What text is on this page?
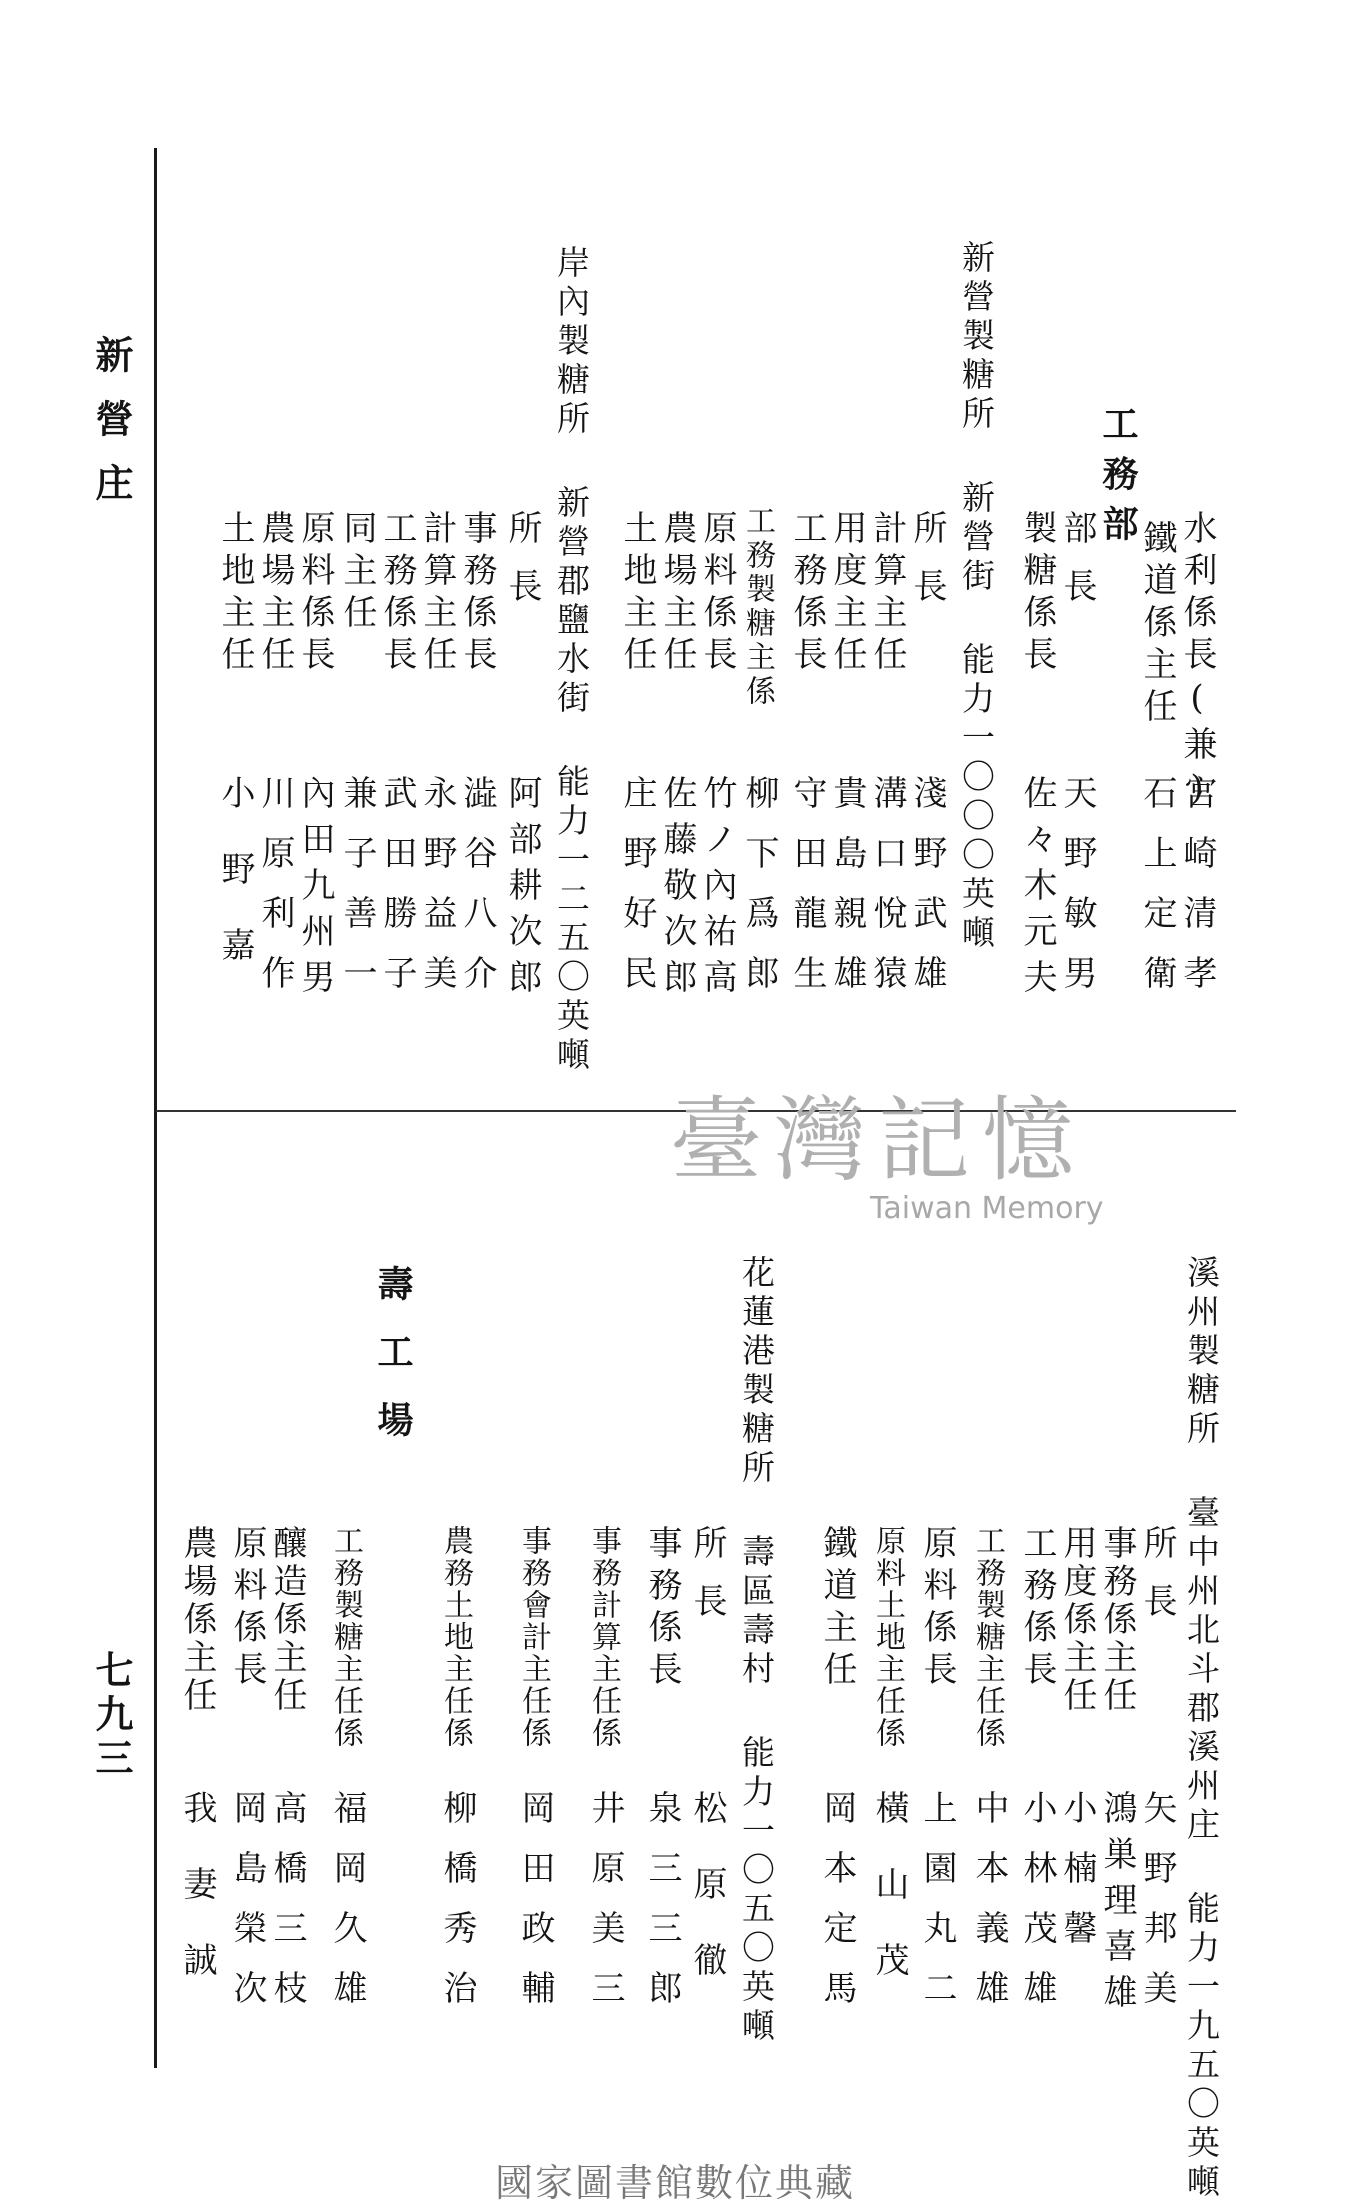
新營庄
七九三
水利係長(兼)
宮崎清孝
鐵道係主任
石上定衛
工務部
部長
天野敏男
製糖係長
佐々木元夫
新營製糖所 新營街 能力一〇〇〇英噸
所長
淺野武雄
計算主任
溝口悅猿
用度主任
貴島親雄
工務係長
守田龍生
工務製糖主係
柳下爲郎
原料係長
竹ノ內祐高
農場主任
佐藤敬次郎
土地主任
庄野好民
岸內製糖所 新營郡鹽水街 能力一二五〇英噸
所長
阿部耕次郎
事務係長
澁谷八介
計算主任
永野益美
工務係長
武田勝子
同主任
兼子善一
原料係長
內田九州男
農場主任
川原利作
土地主任
小野嘉
臺灣記憶
Taiwan Memory
溪州製糖所 臺中州北斗郡溪州庄 能力一九五〇英噸
所長
矢野邦美
事務係主任
鴻巣理喜雄
用度係主任
小楠馨
工務係長
小林茂雄
工務製糖主任係
中本義雄
原料係長
上園丸二
原料土地主任係
橫山茂
鐵道主任
岡本定馬
花蓮港製糖所 壽區壽村 能力一〇五〇英噸
所長
松原徹
事務係長
泉三三郎
事務計算主任係
井原美三
事務會計主任係
岡田政輔
農務土地主任係
柳橋秀治
壽工場
工務製糖主任係
福岡久雄
釀造係主任
高橋三枝
原料係長
岡島榮次
農場係主任
我妻誠
國家圖書館數位典藏
